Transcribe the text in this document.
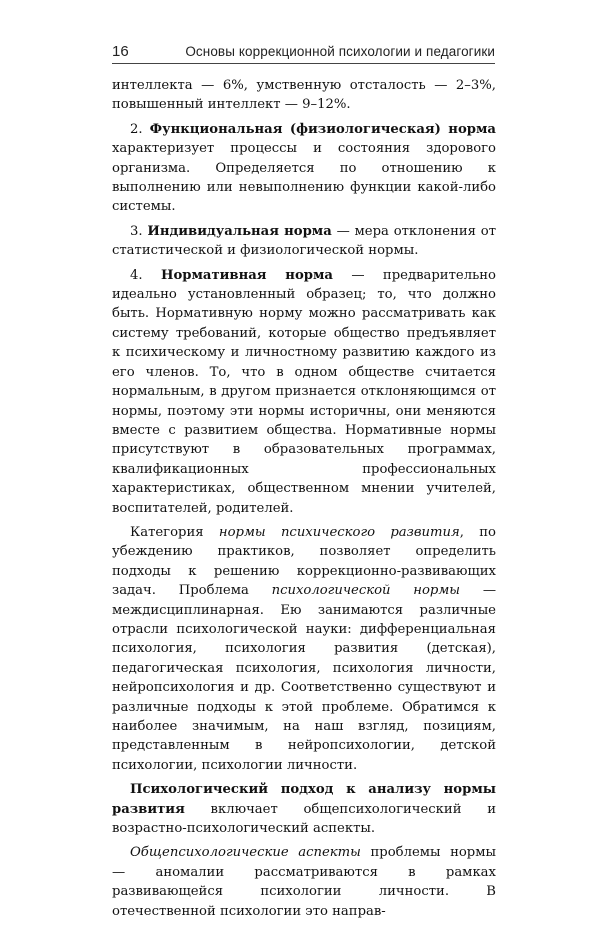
16	Основы коррекционной психологии и педагогики

интеллекта — 6%, умственную отсталость — 2–3%, повышенный интеллект — 9–12%.

2. Функциональная (физиологическая) норма характеризует процессы и состояния здорового организма. Определяется по отношению к выполнению или невыполнению функции какой-либо системы.

3. Индивидуальная норма — мера отклонения от статистической и физиологической нормы.

4. Нормативная норма — предварительно идеально установленный образец; то, что должно быть. Нормативную норму можно рассматривать как систему требований, которые общество предъявляет к психическому и личностному развитию каждого из его членов. То, что в одном обществе считается нормальным, в другом признается отклоняющимся от нормы, поэтому эти нормы историчны, они меняются вместе с развитием общества. Нормативные нормы присутствуют в образовательных программах, квалификационных профессиональных характеристиках, общественном мнении учителей, воспитателей, родителей.

Категория нормы психического развития, по убеждению практиков, позволяет определить подходы к решению коррекционно-развивающих задач. Проблема психологической нормы — междисциплинарная. Ею занимаются различные отрасли психологической науки: дифференциальная психология, психология развития (детская), педагогическая психология, психология личности, нейропсихология и др. Соответственно существуют и различные подходы к этой проблеме. Обратимся к наиболее значимым, на наш взгляд, позициям, представленным в нейропсихологии, детской психологии, психологии личности.

Психологический подход к анализу нормы развития включает общепсихологический и возрастно-психологический аспекты.

Общепсихологические аспекты проблемы нормы — аномалии рассматриваются в рамках развивающейся психологии личности. В отечественной психологии это направ-
